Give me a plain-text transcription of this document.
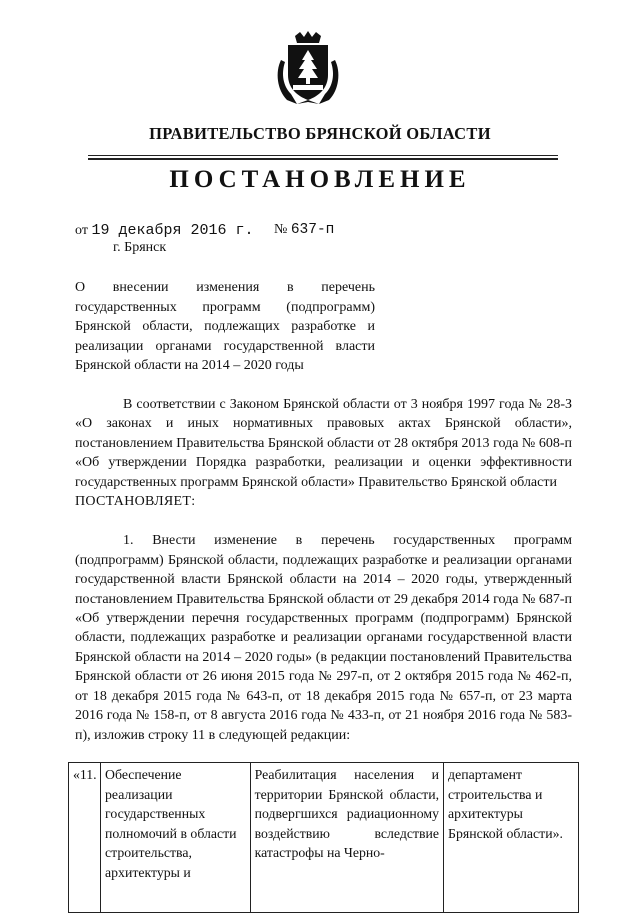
ПРАВИТЕЛЬСТВО БРЯНСКОЙ ОБЛАСТИ
ПОСТАНОВЛЕНИЕ
от 19 декабря 2016 г. № 637-п
г. Брянск
О внесении изменения в перечень государственных программ (подпрограмм) Брянской области, подлежащих разработке и реализации органами государственной власти Брянской области на 2014 – 2020 годы

В соответствии с Законом Брянской области от 3 ноября 1997 года № 28-З «О законах и иных нормативных правовых актах Брянской области», постановлением Правительства Брянской области от 28 октября 2013 года № 608-п «Об утверждении Порядка разработки, реализации и оценки эффективности государственных программ Брянской области» Правительство Брянской области

ПОСТАНОВЛЯЕТ:

1. Внести изменение в перечень государственных программ (подпрограмм) Брянской области, подлежащих разработке и реализации органами государственной власти Брянской области на 2014 – 2020 годы, утвержденный постановлением Правительства Брянской области от 29 декабря 2014 года № 687-п «Об утверждении перечня государственных программ (подпрограмм) Брянской области, подлежащих разработке и реализации органами государственной власти Брянской области на 2014 – 2020 годы» (в редакции постановлений Правительства Брянской области от 26 июня 2015 года № 297-п, от 2 октября 2015 года № 462-п, от 18 декабря 2015 года № 643-п, от 18 декабря 2015 года № 657-п, от 23 марта 2016 года № 158-п, от 8 августа 2016 года № 433-п, от 21 ноября 2016 года № 583-п), изложив строку 11 в следующей редакции:

«11.	Обеспечение реализации государственных полномочий в области строительства, архитектуры и	Реабилитация населения и территории Брянской области, подвергшихся радиационному воздействию вследствие катастрофы на Черно-	департамент строительства и архитектуры Брянской области».
